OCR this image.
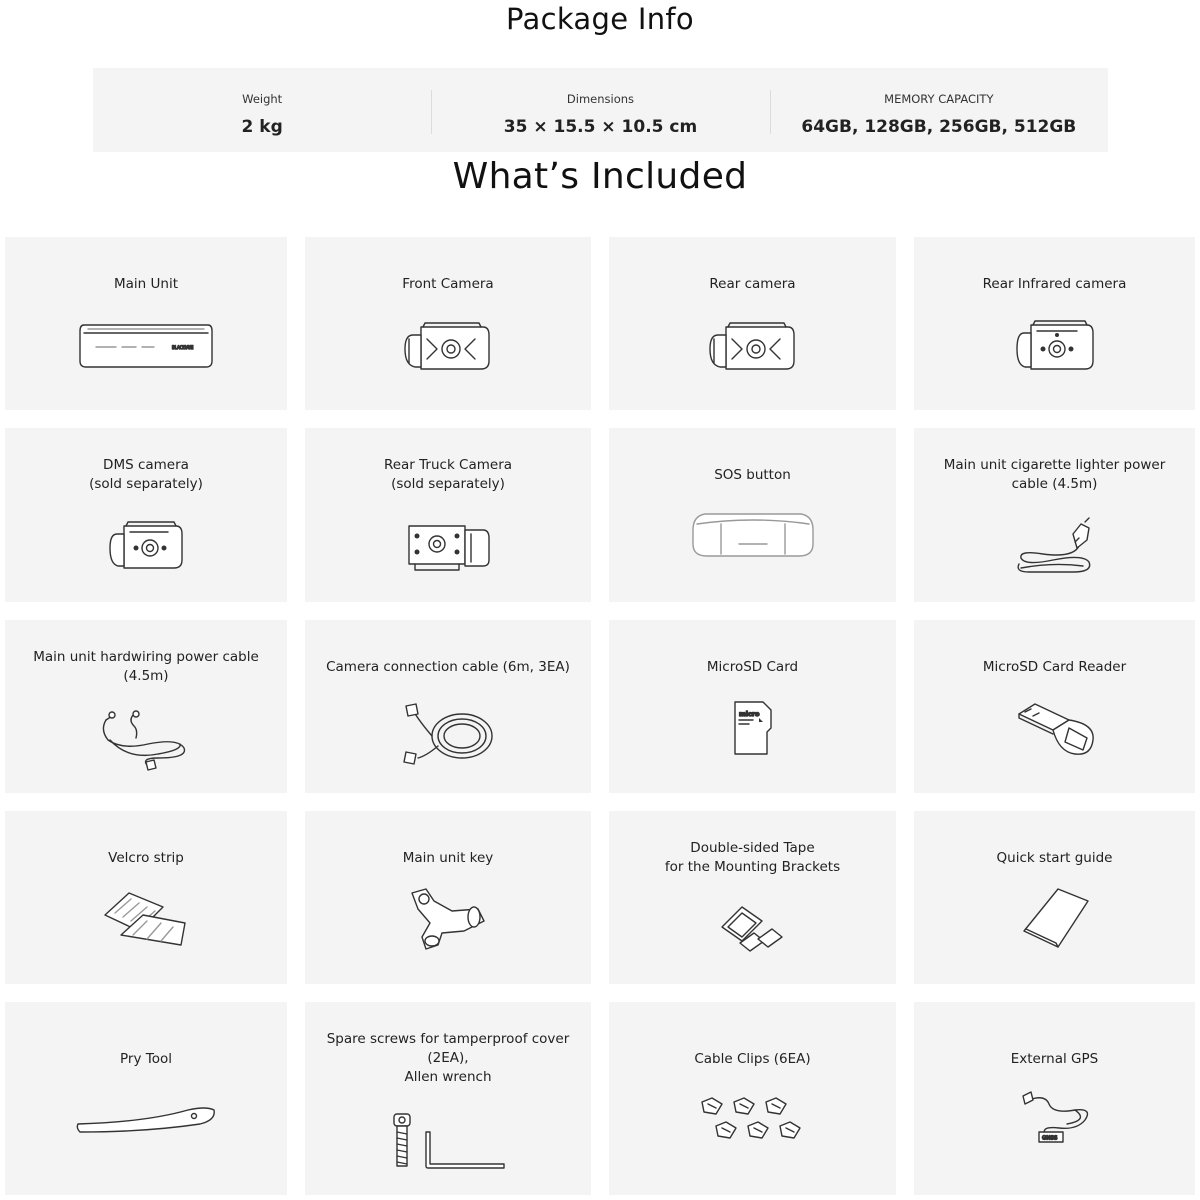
Package Info
Weight
2 kg
Dimensions
35 × 15.5 × 10.5 cm
MEMORY CAPACITY
64GB, 128GB, 256GB, 512GB
What’s Included
Main Unit
BLACKVUE
Front Camera	Rear camera	Rear Infrared camera
DMS camera
(sold separately)
Rear Truck Camera
(sold separately)
SOS button
Main unit cigarette lighter power
cable (4.5m)
Main unit hardwiring power cable
(4.5m)
Camera connection cable (6m, 3EA)	MicroSD Card
micro
MicroSD Card Reader
Velcro strip	Main unit key
Double-sided Tape
for the Mounting Brackets
Quick start guide
Pry Tool
Spare screws for tamperproof cover
(2EA),
Allen wrench
Cable Clips (6EA)	External GPS
GNSS
